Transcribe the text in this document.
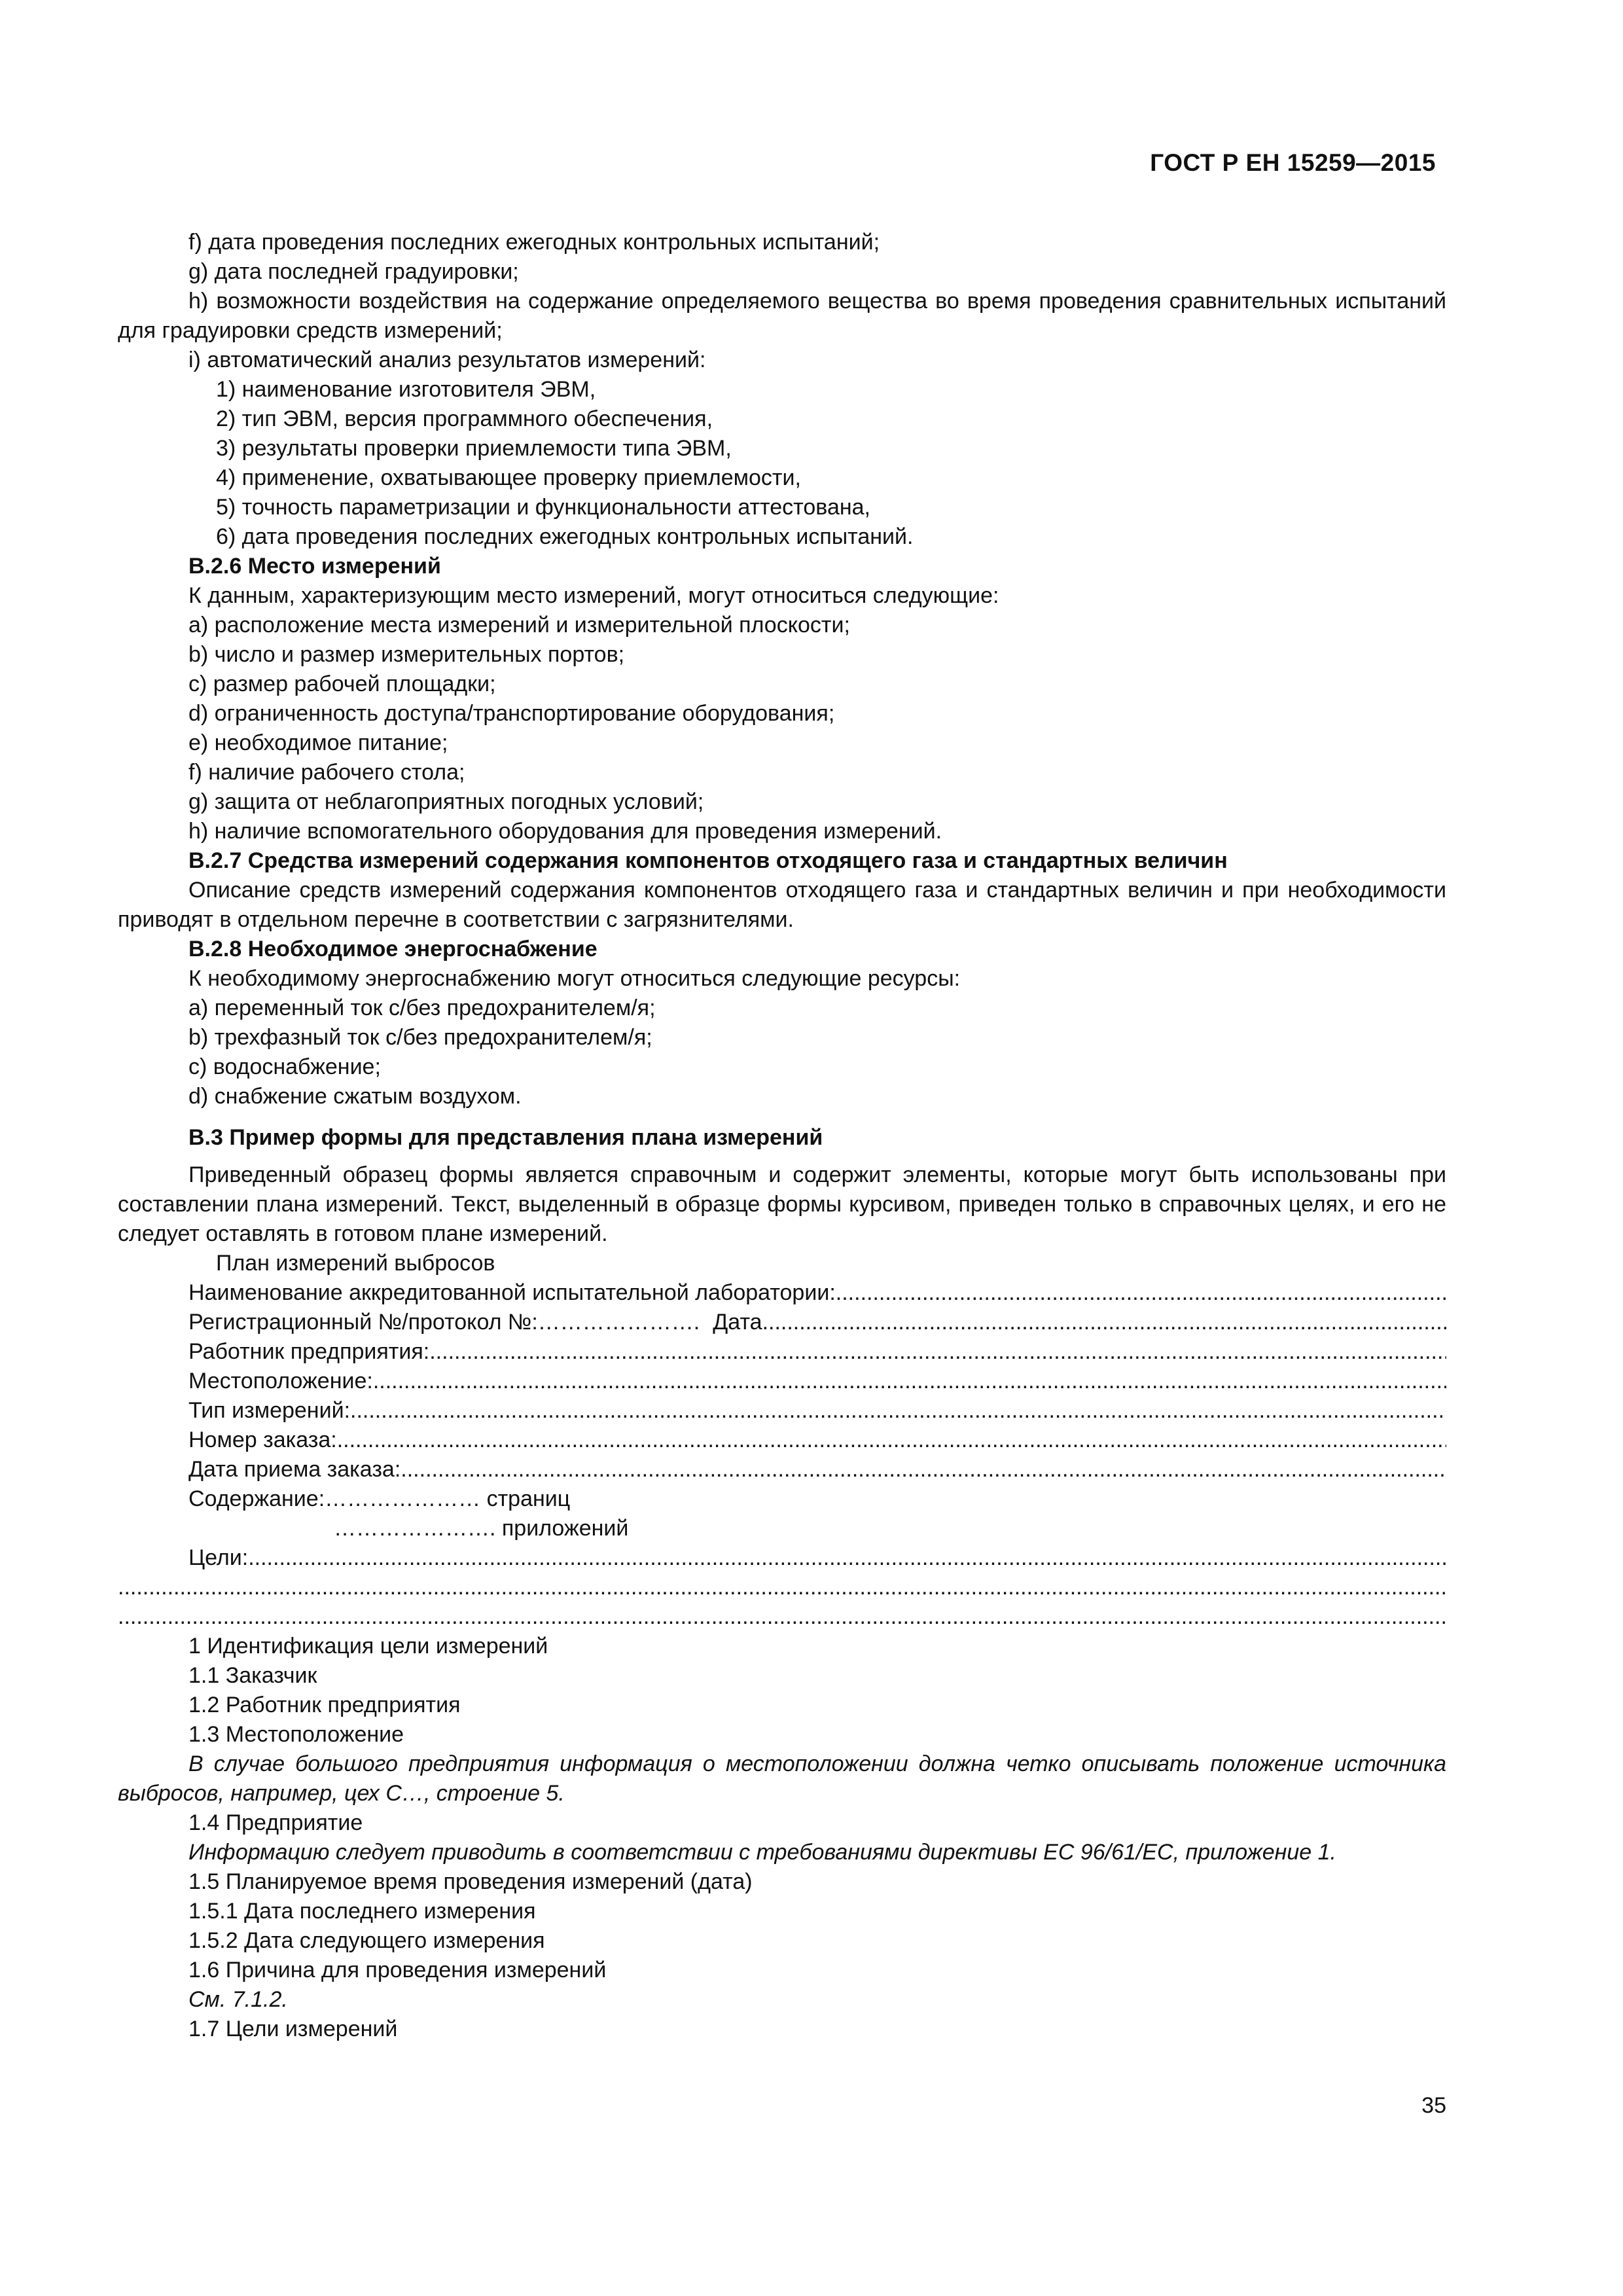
ГОСТ Р ЕН 15259—2015
f) дата проведения последних ежегодных контрольных испытаний;
g) дата последней градуировки;
h) возможности воздействия на содержание определяемого вещества во время проведения сравнительных испытаний для градуировки средств измерений;
i) автоматический анализ результатов измерений:
1) наименование изготовителя ЭВМ,
2) тип ЭВМ, версия программного обеспечения,
3) результаты проверки приемлемости типа ЭВМ,
4) применение, охватывающее проверку приемлемости,
5) точность параметризации и функциональности аттестована,
6) дата проведения последних ежегодных контрольных испытаний.
В.2.6 Место измерений
К данным, характеризующим место измерений, могут относиться следующие:
а) расположение места измерений и измерительной плоскости;
b) число и размер измерительных портов;
c) размер рабочей площадки;
d) ограниченность доступа/транспортирование оборудования;
e) необходимое питание;
f) наличие рабочего стола;
g) защита от неблагоприятных погодных условий;
h) наличие вспомогательного оборудования для проведения измерений.
В.2.7 Средства измерений содержания компонентов отходящего газа и стандартных величин
Описание средств измерений содержания компонентов отходящего газа и стандартных величин и при необходимости приводят в отдельном перечне в соответствии с загрязнителями.
В.2.8 Необходимое энергоснабжение
К необходимому энергоснабжению могут относиться следующие ресурсы:
a) переменный ток с/без предохранителем/я;
b) трехфазный ток с/без предохранителем/я;
c) водоснабжение;
d) снабжение сжатым воздухом.
В.3 Пример формы для представления плана измерений
Приведенный образец формы является справочным и содержит элементы, которые могут быть использованы при составлении плана измерений. Текст, выделенный в образце формы курсивом, приведен только в справочных целях, и его не следует оставлять в готовом плане измерений.
План измерений выбросов
Наименование аккредитованной испытательной лаборатории:
.....
Регистрационный №/протокол №:…………………. Дата
.....
Работник предприятия:
.....
Местоположение:
.....
Тип измерений:
.....
Номер заказа:
.....
Дата приема заказа:
.....
Содержание:………………… страниц
…………………. приложений
Цели:
.....
.....
.....
1 Идентификация цели измерений
1.1 Заказчик
1.2 Работник предприятия
1.3 Местоположение
В случае большого предприятия информация о местоположении должна четко описывать положение источника выбросов, например, цех С…, строение 5.
1.4 Предприятие
Информацию следует приводить в соответствии с требованиями директивы ЕС 96/61/ЕС, приложение 1.
1.5 Планируемое время проведения измерений (дата)
1.5.1 Дата последнего измерения
1.5.2 Дата следующего измерения
1.6 Причина для проведения измерений
См. 7.1.2.
1.7 Цели измерений
35
